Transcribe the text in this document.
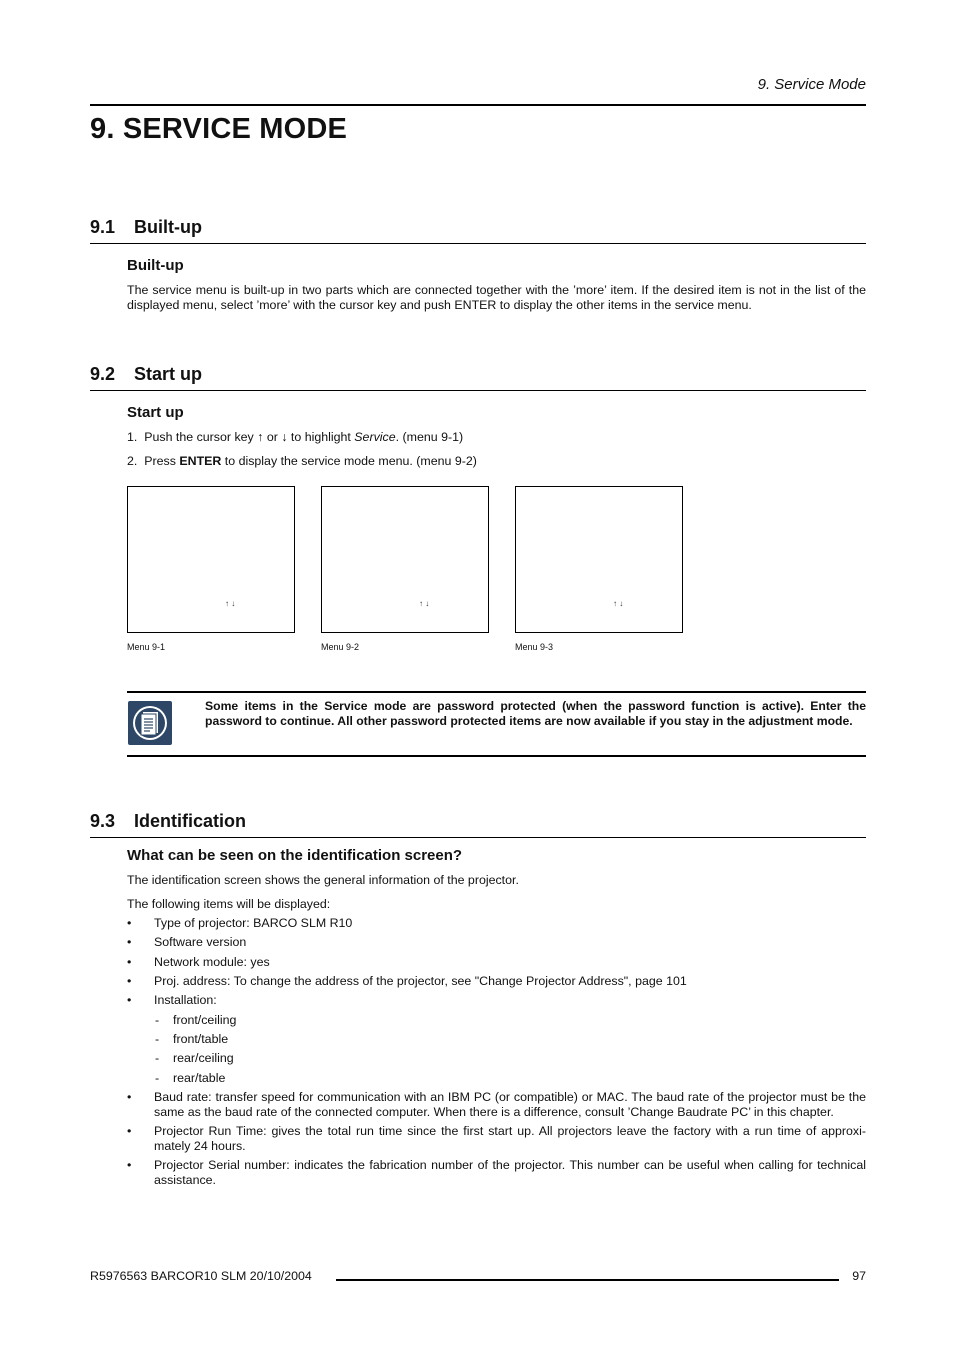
9. Service Mode
9. SERVICE MODE
9.1 Built-up
Built-up
The service menu is built-up in two parts which are connected together with the ’more’ item. If the desired item is not in the list of the displayed menu, select ’more’ with the cursor key and push ENTER to display the other items in the service menu.
9.2 Start up
Start up
1. Push the cursor key ↑ or ↓ to highlight Service. (menu 9-1)
2. Press ENTER to display the service mode menu. (menu 9-2)
↑ ↓
Menu 9-1
↑ ↓
Menu 9-2
↑ ↓
Menu 9-3
Some items in the Service mode are password protected (when the password function is active). Enter the password to continue. All other password protected items are now available if you stay in the adjustment mode.
9.3 Identification
What can be seen on the identification screen?
The identification screen shows the general information of the projector.
The following items will be displayed:
• Type of projector: BARCO SLM R10
• Software version
• Network module: yes
• Proj. address: To change the address of the projector, see "Change Projector Address", page 101
• Installation:
- front/ceiling
- front/table
- rear/ceiling
- rear/table
• Baud rate: transfer speed for communication with an IBM PC (or compatible) or MAC. The baud rate of the projector must be the same as the baud rate of the connected computer. When there is a difference, consult ’Change Baudrate PC’ in this chapter.
• Projector Run Time: gives the total run time since the first start up. All projectors leave the factory with a run time of approxi-mately 24 hours.
• Projector Serial number: indicates the fabrication number of the projector. This number can be useful when calling for technical assistance.
R5976563 BARCOR10 SLM 20/10/2004	97
